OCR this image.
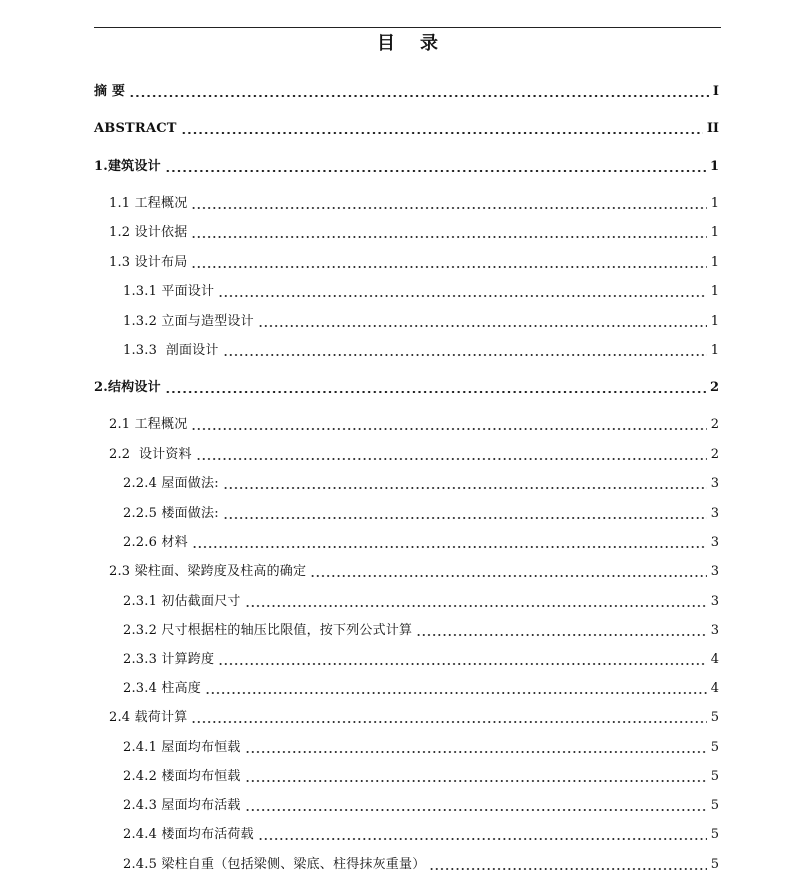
目    录
摘 要	I
ABSTRACT	II
1.建筑设计	1
1.1 工程概况	1
1.2 设计依据	1
1.3 设计布局	1
1.3.1 平面设计	1
1.3.2 立面与造型设计	1
1.3.3  剖面设计	1
2.结构设计	2
2.1 工程概况	2
2.2  设计资料	2
2.2.4 屋面做法:	3
2.2.5 楼面做法:	3
2.2.6 材料	3
2.3 梁柱面、梁跨度及柱高的确定	3
2.3.1 初估截面尺寸	3
2.3.2 尺寸根据柱的轴压比限值，按下列公式计算	3
2.3.3 计算跨度	4
2.3.4 柱高度	4
2.4 载荷计算	5
2.4.1 屋面均布恒载	5
2.4.2 楼面均布恒载	5
2.4.3 屋面均布活载	5
2.4.4 楼面均布活荷载	5
2.4.5 梁柱自重（包括梁侧、梁底、柱得抹灰重量）	5
